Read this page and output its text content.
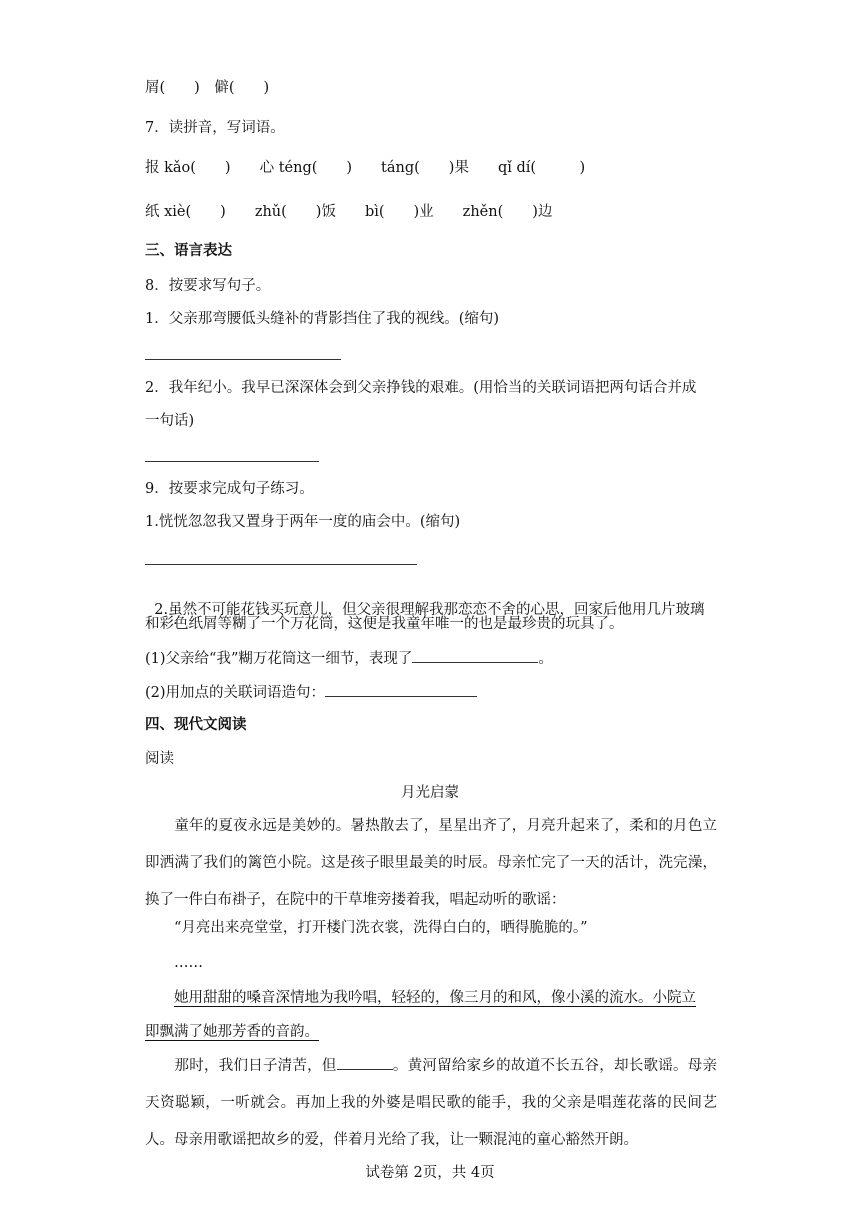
屑(　　)　僻(　　)
7．读拼音，写词语。
报 kǎo(　　)　　心 téng(　　)　　táng(　　)果　　qǐ dí(　　　)
纸 xiè(　　)　　zhǔ(　　)饭　　bì(　　)业　　zhěn(　　)边
三、语言表达
8．按要求写句子。
1．父亲那弯腰低头缝补的背影挡住了我的视线。(缩句)
2．我年纪小。我早已深深体会到父亲挣钱的艰难。(用恰当的关联词语把两句话合并成
一句话)
9．按要求完成句子练习。
1.恍恍忽忽我又置身于两年一度的庙会中。(缩句)

2.虽然不可能花钱买玩意儿，但父亲很理解我那恋恋不舍的心思，回家后他用几片玻璃

和彩色纸屑等糊了一个万花筒，这便是我童年唯一的也是最珍贵的玩具了。
(1)父亲给“我”糊万花筒这一细节，表现了	。
(2)用加点的关联词语造句：
四、现代文阅读
阅读
月光启蒙
　　童年的夏夜永远是美妙的。暑热散去了，星星出齐了，月亮升起来了，柔和的月色立即洒满了我们的篱笆小院。这是孩子眼里最美的时辰。母亲忙完了一天的活计，洗完澡，换了一件白布褂子，在院中的干草堆旁搂着我，唱起动听的歌谣：
　　“月亮出来亮堂堂，打开楼门洗衣裳，洗得白白的，晒得脆脆的。”
　　……
她用甜甜的嗓音深情地为我吟唱，轻轻的，像三月的和风，像小溪的流水。小院立
即飘满了她那芳香的音韵。
　　那时，我们日子清苦，但	。黄河留给家乡的故道不长五谷，却长歌谣。母亲天资聪颖，一听就会。再加上我的外婆是唱民歌的能手，我的父亲是唱莲花落的民间艺人。母亲用歌谣把故乡的爱，伴着月光给了我，让一颗混沌的童心豁然开朗。
试卷第 2页，共 4页
